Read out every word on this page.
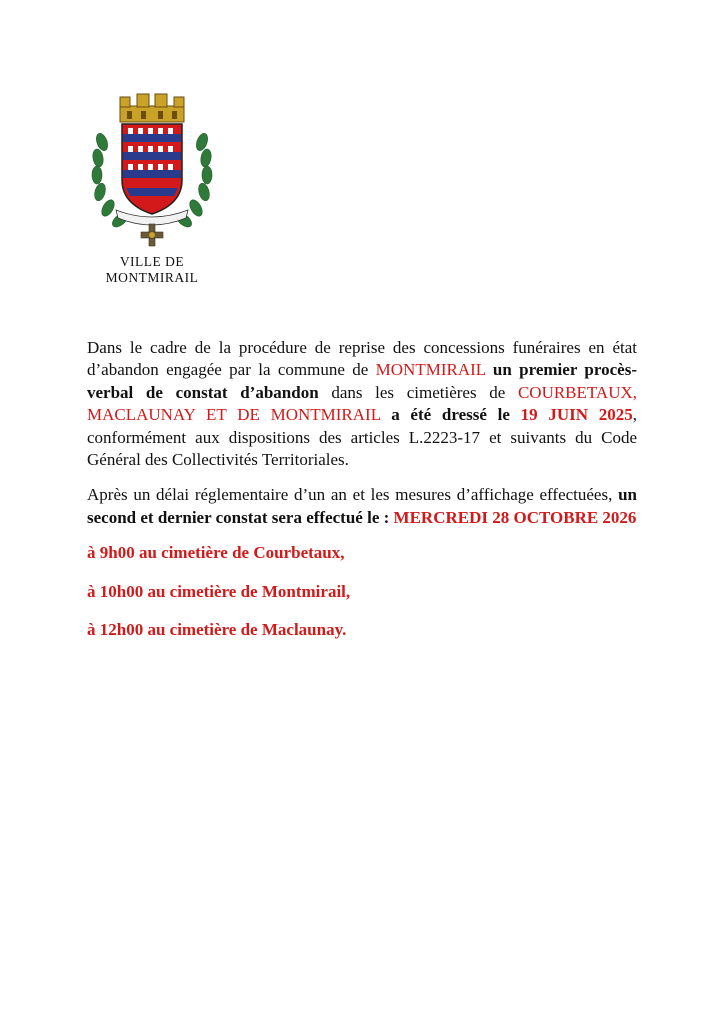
VILLE DE
MONTMIRAIL

Dans le cadre de la procédure de reprise des concessions funéraires en état d’abandon engagée par la commune de MONTMIRAIL un premier procès-verbal de constat d’abandon dans les cimetières de COURBETAUX, MACLAUNAY ET DE MONTMIRAIL a été dressé le 19 JUIN 2025, conformément aux dispositions des articles L.2223-17 et suivants du Code Général des Collectivités Territoriales.

Après un délai réglementaire d’un an et les mesures d’affichage effectuées, un second et dernier constat sera effectué le : MERCREDI 28 OCTOBRE 2026

à 9h00 au cimetière de Courbetaux,

à 10h00 au cimetière de Montmirail,

à 12h00 au cimetière de Maclaunay.
